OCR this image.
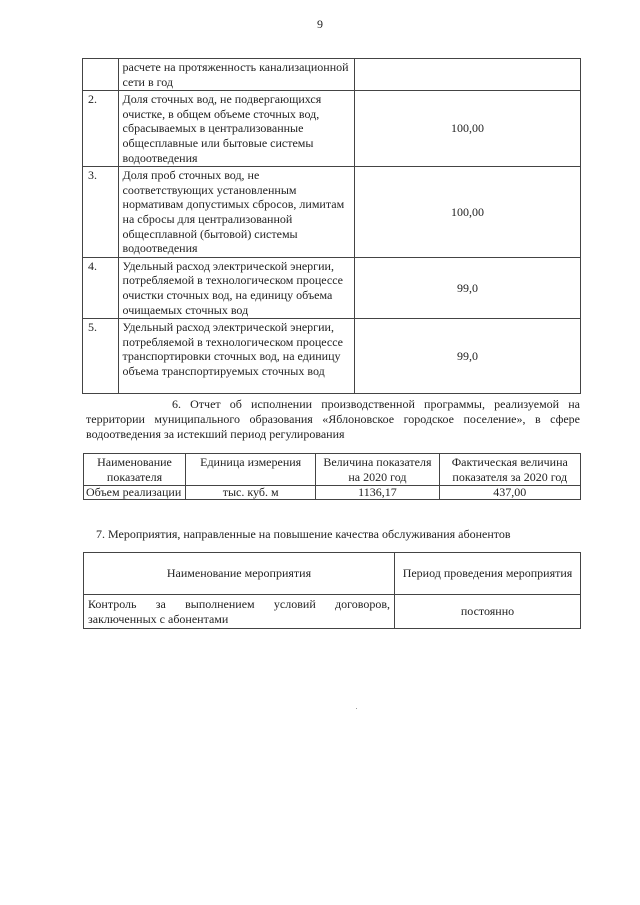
9
	расчете на протяженность канализационной сети в год	
2.	Доля сточных вод, не подвергающихся очистке, в общем объеме сточных вод, сбрасываемых в централизованные общесплавные или бытовые системы водоотведения	100,00
3.	Доля проб сточных вод, не соответствующих установленным нормативам допустимых сбросов, лимитам на сбросы для централизованной общесплавной (бытовой) системы водоотведения	100,00
4.	Удельный расход электрической энергии, потребляемой в технологическом процессе очистки сточных вод, на единицу объема очищаемых сточных вод	99,0
5.	Удельный расход электрической энергии, потребляемой в технологическом процессе транспортировки сточных вод, на единицу объема транспортируемых сточных вод	99,0
6. Отчет об исполнении производственной программы, реализуемой на территории муниципального образования «Яблоновское городское поселение», в сфере водоотведения за истекший период регулирования
Наименование показателя	Единица измерения	Величина показателя на 2020 год	Фактическая величина показателя за 2020 год
Объем реализации	тыс. куб. м	1136,17	437,00
7. Мероприятия, направленные на повышение качества обслуживания абонентов
Наименование мероприятия	Период проведения мероприятия
Контроль за выполнением условий договоров, заключенных с абонентами	постоянно
